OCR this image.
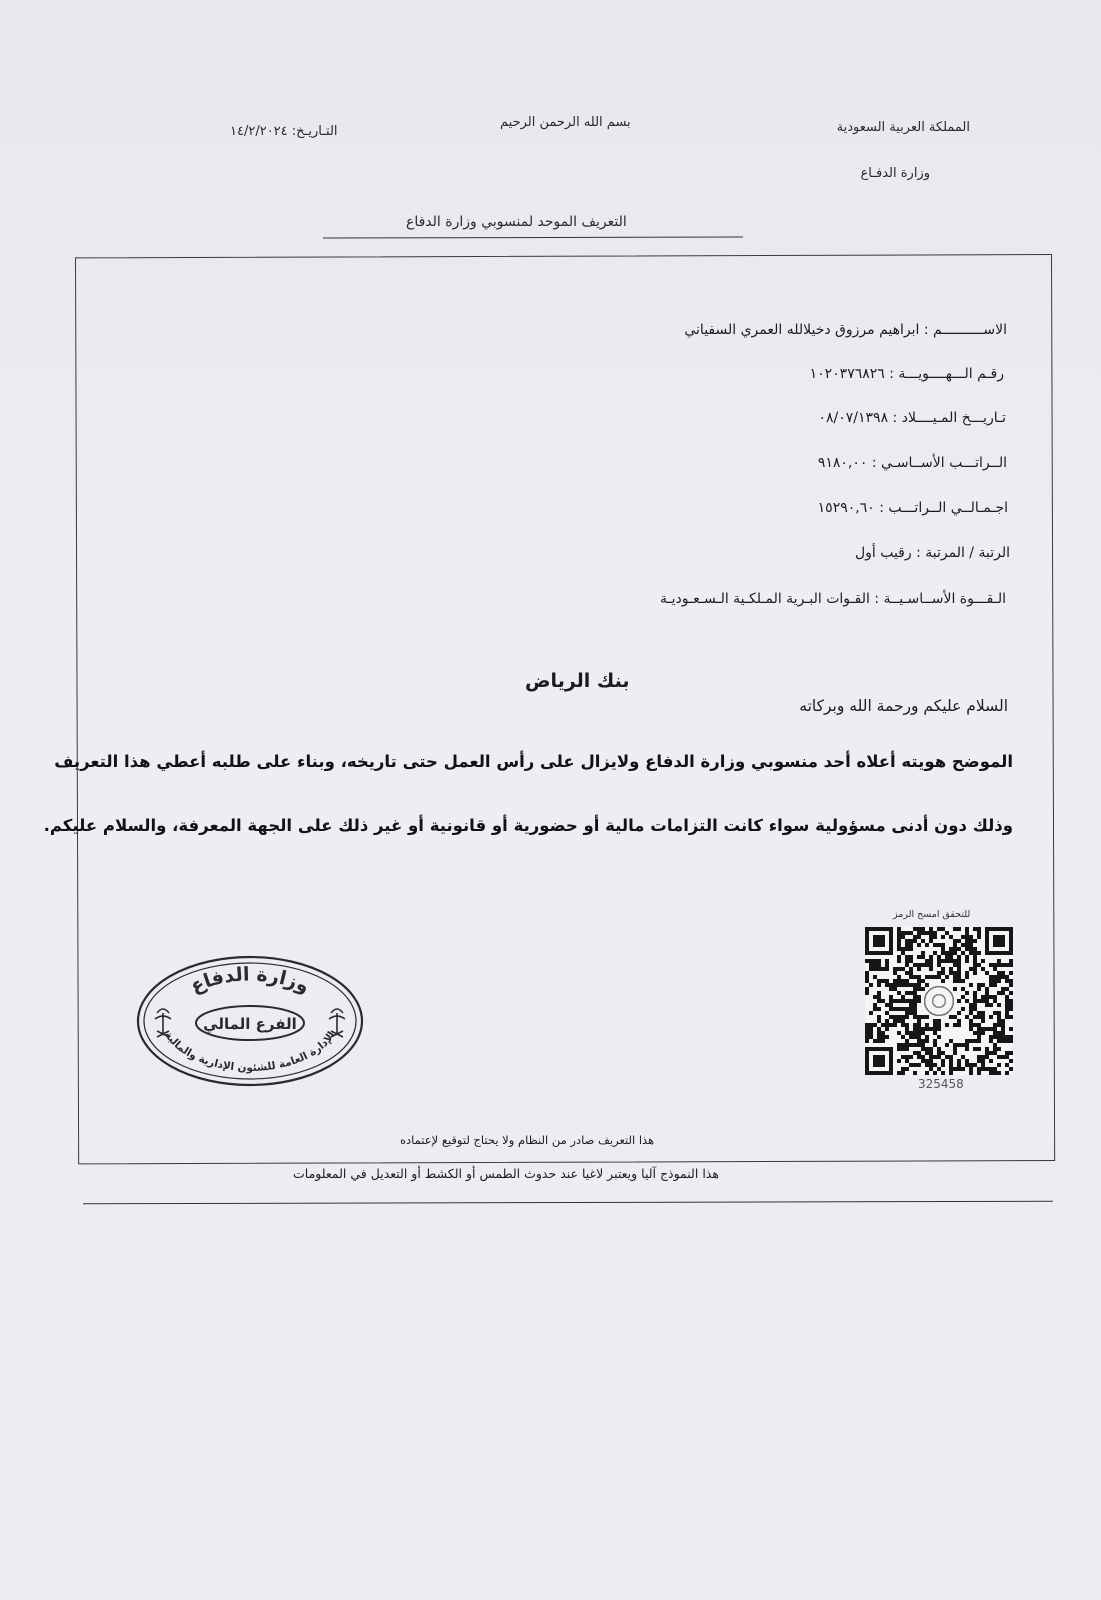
المملكة العربية السعودية
وزارة الدفـاع
بسم الله الرحمن الرحيم
التـاريـخ: ١٤/٢/٢٠٢٤
التعريف الموحد لمنسوبي وزارة الدفاع
الاســــــــــم : ابراهيم مرزوق دخيلالله العمري السفياني
رقـم الـــهــــويـــة : ١٠٢٠٣٧٦٨٢٦
تـاريـــخ المـيــــلاد : ٠٨/٠٧/١٣٩٨
الــراتـــب الأســاسـي : ٩١٨٠,٠٠
اجـمـالــي الــراتـــب : ١٥٢٩٠,٦٠
الرتبة / المرتبة : رقيب أول
الـقـــوة الأســاسـيــة : القـوات البـرية المـلكـية الـسـعـوديـة
بنك الرياض
السلام عليكم ورحمة الله وبركاته
الموضح هويته أعلاه أحد منسوبي وزارة الدفاع ولايزال على رأس العمل حتى تاريخه، وبناء على طلبه أعطي هذا التعريف
وذلك دون أدنى مسؤولية سواء كانت التزامات مالية أو حضورية أو قانونية أو غير ذلك على الجهة المعرفة، والسلام عليكم.
وزارة الدفاع
الفرع المالي
الإدارة العامة للشئون الإدارية والمالية
للتحقق امسح الرمز
325458
هذا التعريف صادر من النظام ولا يحتاج لتوقيع لإعتماده
هذا النموذج آليا ويعتبر لاغيا عند حدوث الطمس أو الكشط أو التعديل في المعلومات
